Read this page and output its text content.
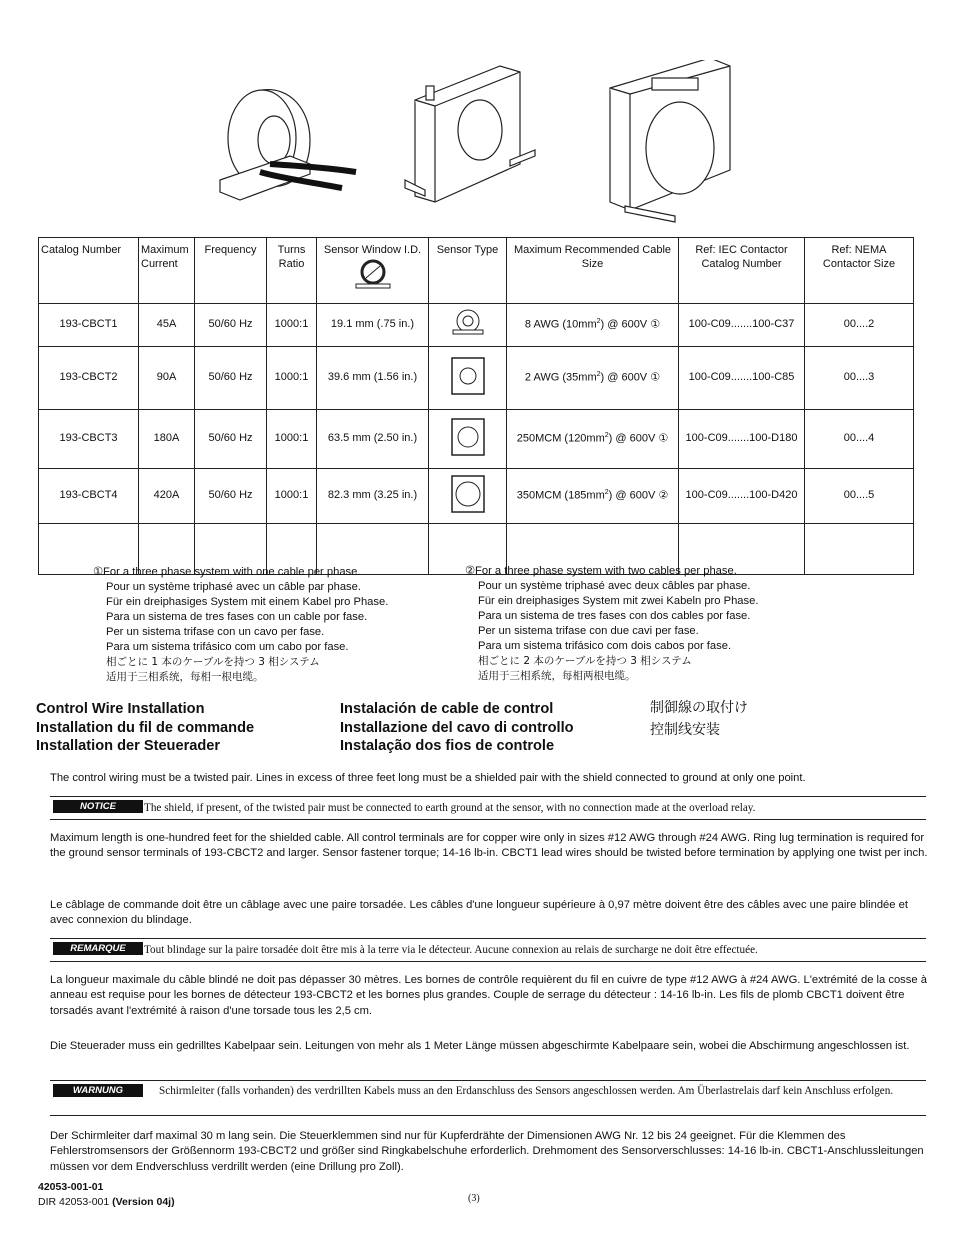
Catalog Number	Maximum Current	Frequency	Turns Ratio	Sensor Window I.D.	Sensor Type	Maximum Recommended Cable Size	Ref: IEC Contactor Catalog Number	Ref: NEMA Contactor Size
193-CBCT1	45A	50/60 Hz	1000:1	19.1 mm (.75 in.)		8 AWG $(10mm^2)$ @ 600V ①	100-C09.......100-C37	00....2
193-CBCT2	90A	50/60 Hz	1000:1	39.6 mm (1.56 in.)		2 AWG $(35mm^2)$ @ 600V ①	100-C09.......100-C85	00....3
193-CBCT3	180A	50/60 Hz	1000:1	63.5 mm (2.50 in.)		250MCM $(120mm^2)$ @ 600V ①	100-C09.......100-D180	00....4
193-CBCT4	420A	50/60 Hz	1000:1	82.3 mm (3.25 in.)		350MCM $(185mm^2)$ @ 600V ②	100-C09.......100-D420	00....5

①For a three phase system with one cable per phase.
Pour un système triphasé avec un câble par phase.
Für ein dreiphasiges System mit einem Kabel pro Phase.
Para un sistema de tres fases con un cable por fase.
Per un sistema trifase con un cavo per fase.
Para um sistema trifásico com um cabo por fase.
相ごとに 1 本のケーブルを持つ 3 相システム
适用于三相系统，每相一根电缆。
②For a three phase system with two cables per phase.
Pour un système triphasé avec deux câbles par phase.
Für ein dreiphasiges System mit zwei Kabeln pro Phase.
Para un sistema de tres fases con dos cables por fase.
Per un sistema trifase con due cavi per fase.
Para um sistema trifásico com dois cabos por fase.
相ごとに 2 本のケーブルを持つ 3 相システム
适用于三相系统，每相两根电缆。
Control Wire Installation
Installation du fil de commande
Installation der Steuerader
Instalación de cable de control
Installazione del cavo di controllo
Instalação dos fios de controle
制御線の取付け
控制线安装
The control wiring must be a twisted pair. Lines in excess of three feet long must be a shielded pair with the shield connected to ground at only one point.
NOTICE	The shield, if present, of the twisted pair must be connected to earth ground at the sensor, with no connection made at the overload relay.
Maximum length is one-hundred feet for the shielded cable. All control terminals are for copper wire only in sizes #12 AWG through #24 AWG. Ring lug termination is required for the ground sensor terminals of 193-CBCT2 and larger. Sensor fastener torque; 14-16 lb-in. CBCT1 lead wires should be twisted before termination by applying one twist per inch.
Le câblage de commande doit être un câblage avec une paire torsadée. Les câbles d'une longueur supérieure à 0,97 mètre doivent être des câbles avec une paire blindée et avec connexion du blindage.
REMARQUE	Tout blindage sur la paire torsadée doit être mis à la terre via le détecteur. Aucune connexion au relais de surcharge ne doit être effectuée.
La longueur maximale du câble blindé ne doit pas dépasser 30 mètres. Les bornes de contrôle requièrent du fil en cuivre de type #12 AWG à #24 AWG. L'extrémité de la cosse à anneau est requise pour les bornes de détecteur 193-CBCT2 et les bornes plus grandes. Couple de serrage du détecteur : 14-16 lb-in. Les fils de plomb CBCT1 doivent être torsadés avant l'extrémité à raison d'une torsade tous les 2,5 cm.
Die Steuerader muss ein gedrilltes Kabelpaar sein. Leitungen von mehr als 1 Meter Länge müssen abgeschirmte Kabelpaare sein, wobei die Abschirmung angeschlossen ist.
WARNUNG	Schirmleiter (falls vorhanden) des verdrillten Kabels muss an den Erdanschluss des Sensors angeschlossen werden. Am Überlastrelais darf kein Anschluss erfolgen.
Der Schirmleiter darf maximal 30 m lang sein. Die Steuerklemmen sind nur für Kupferdrähte der Dimensionen AWG Nr. 12 bis 24 geeignet. Für die Klemmen des Fehlerstromsensors der Größennorm 193-CBCT2 und größer sind Ringkabelschuhe erforderlich. Drehmoment des Sensorverschlusses: 14-16 lb-in. CBCT1-Anschlussleitungen müssen vor dem Endverschluss verdrillt werden (eine Drillung pro Zoll).
42053-001-01
DIR 42053-001 (Version 04j)	(3)
